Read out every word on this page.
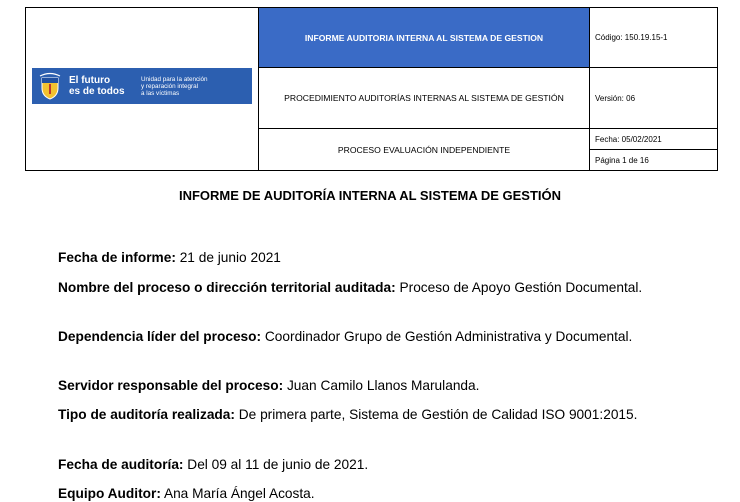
El futuro
es de todos
Unidad para la atención
y reparación integral
a las víctimas	INFORME AUDITORIA INTERNA AL SISTEMA DE GESTION	Código: 150.19.15-1
	PROCEDIMIENTO AUDITORÍAS INTERNAS AL SISTEMA DE GESTIÓN	Versión: 06
	PROCESO EVALUACIÓN INDEPENDIENTE	Fecha: 05/02/2021
Página 1 de 16
INFORME DE AUDITORÍA INTERNA AL SISTEMA DE GESTIÓN
Fecha de informe: 21 de junio 2021
Nombre del proceso o dirección territorial auditada: Proceso de Apoyo Gestión Documental.
Dependencia líder del proceso: Coordinador Grupo de Gestión Administrativa y Documental.
Servidor responsable del proceso: Juan Camilo Llanos Marulanda.
Tipo de auditoría realizada: De primera parte, Sistema de Gestión de Calidad ISO 9001:2015.
Fecha de auditoría: Del 09 al 11 de junio de 2021.
Equipo Auditor: Ana María Ángel Acosta.
